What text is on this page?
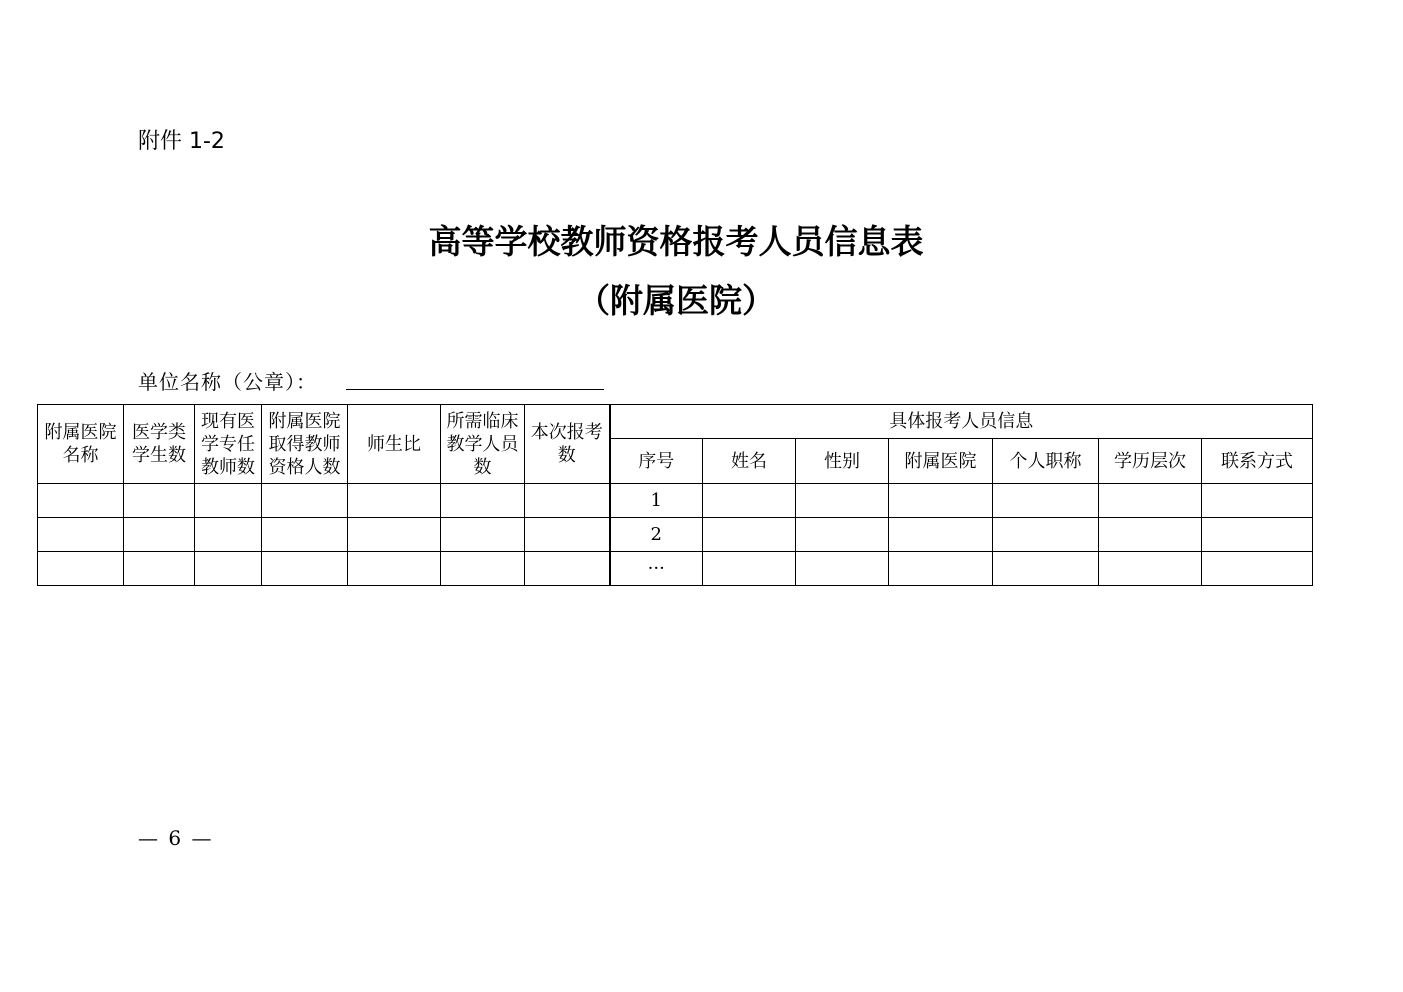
附件 1-2
高等学校教师资格报考人员信息表
（附属医院）
单位名称（公章）：
附属医院名称	医学类学生数	现有医学专任教师数	附属医院取得教师资格人数	师生比	所需临床教学人员数	本次报考数	具体报考人员信息						
							序号	姓名	性别	附属医院	个人职称	学历层次	联系方式
							1						
							2						
							···						
— 6 —
